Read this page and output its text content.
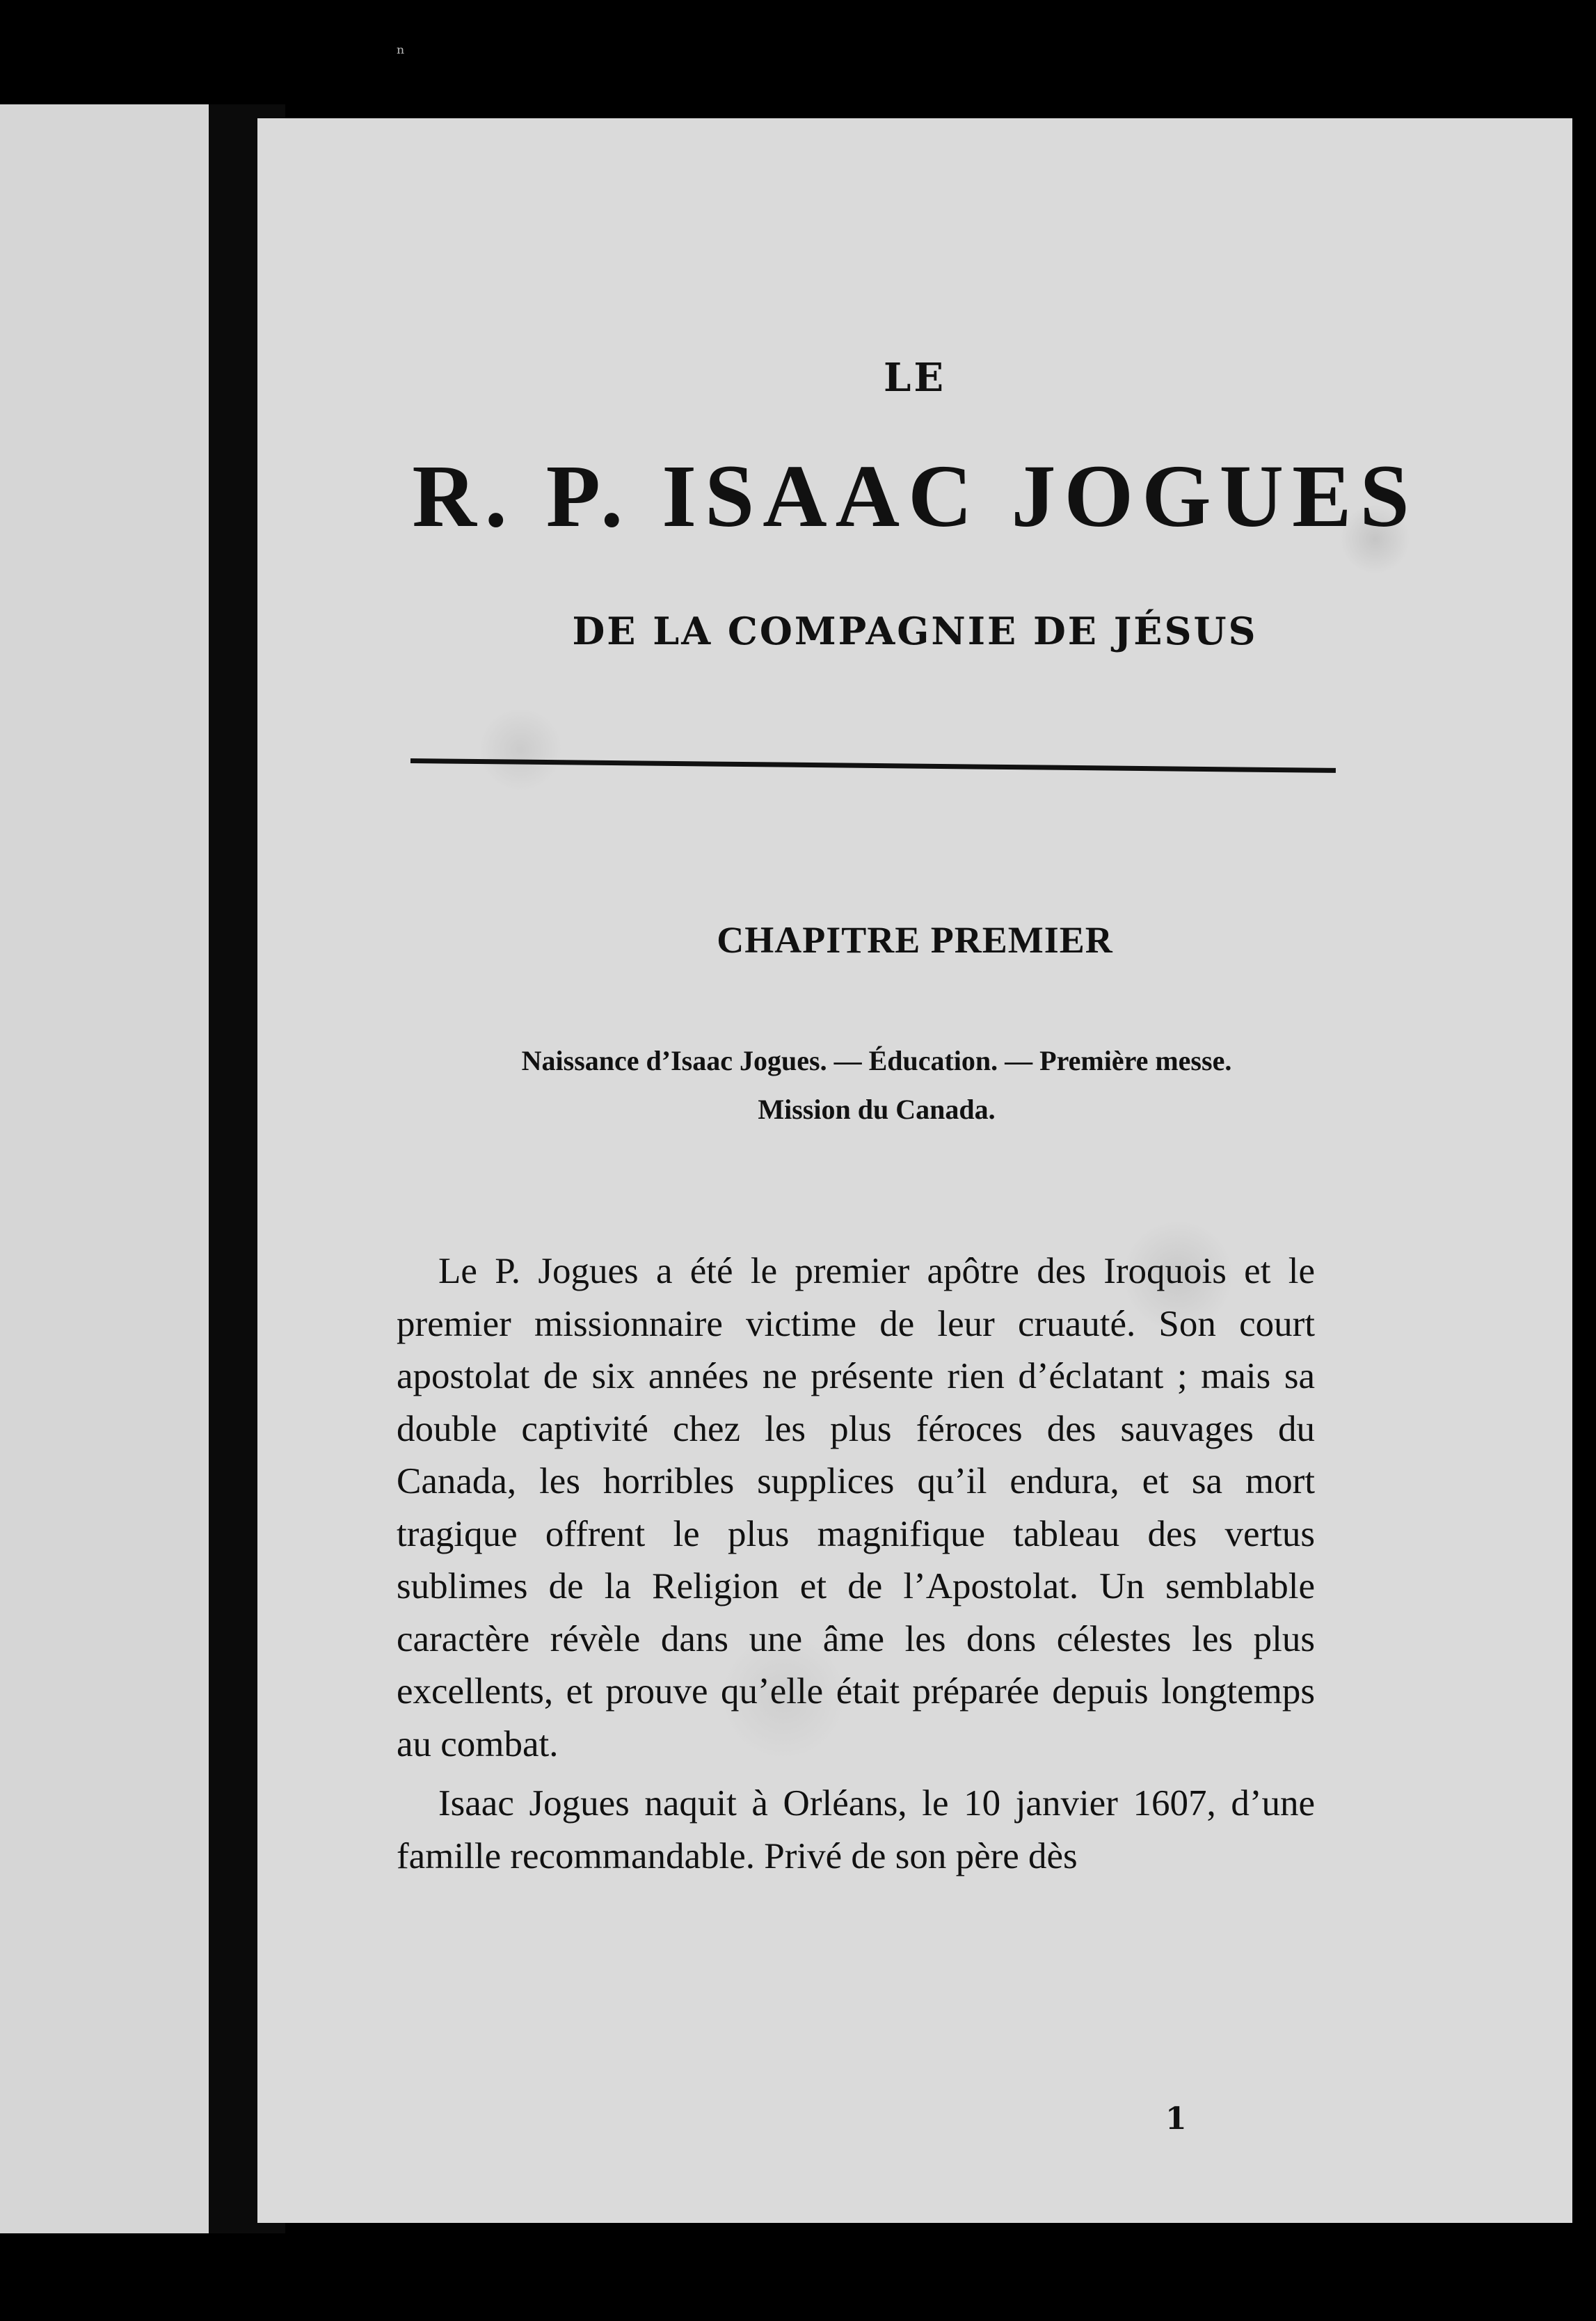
ⁿ
LE
R. P. ISAAC JOGUES
DE LA COMPAGNIE DE JÉSUS
CHAPITRE PREMIER
Naissance d’Isaac Jogues. — Éducation. — Première messe.
Mission du Canada.

Le P. Jogues a été le premier apôtre des Iroquois et le premier missionnaire victime de leur cruauté. Son court apostolat de six années ne présente rien d’éclatant ; mais sa double captivité chez les plus féroces des sauvages du Canada, les horribles supplices qu’il endura, et sa mort tragique offrent le plus magnifique tableau des vertus sublimes de la Religion et de l’Apostolat. Un semblable caractère révèle dans une âme les dons célestes les plus excellents, et prouve qu’elle était préparée depuis longtemps au combat.

Isaac Jogues naquit à Orléans, le 10 janvier 1607, d’une famille recommandable. Privé de son père dès

1
